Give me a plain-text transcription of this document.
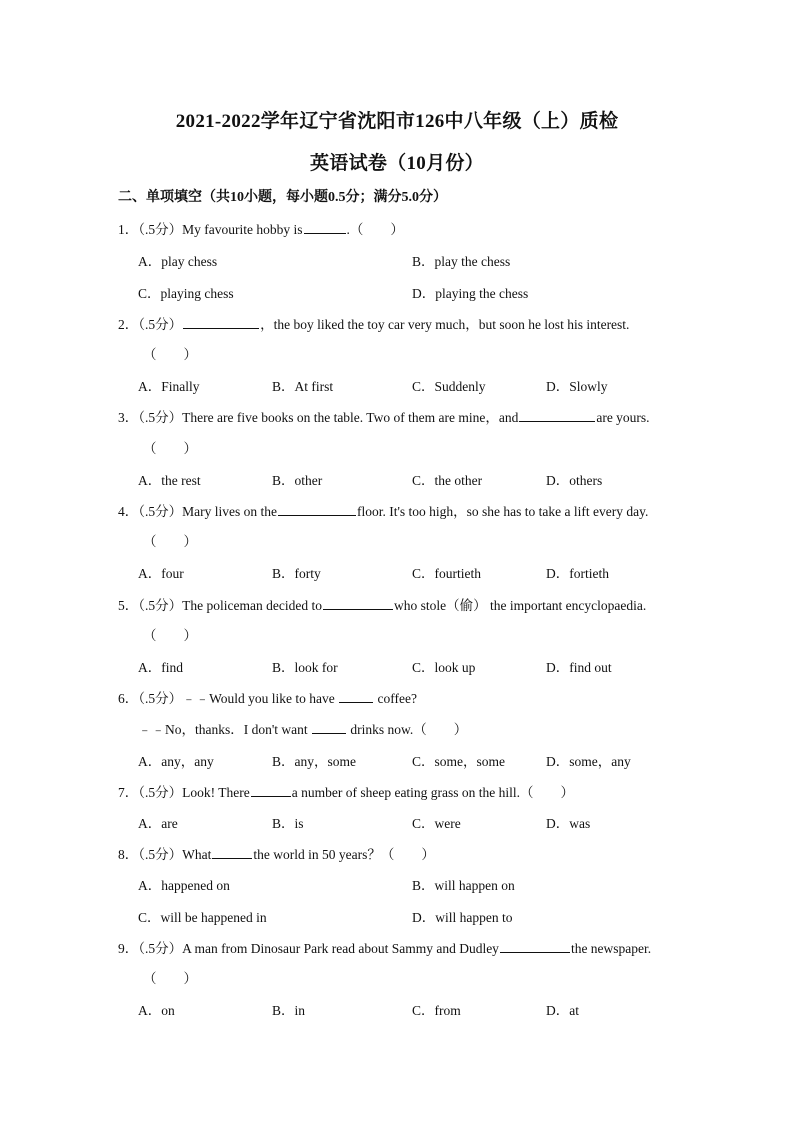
2021-2022学年辽宁省沈阳市126中八年级（上）质检
英语试卷（10月份）
二、单项填空（共10小题，每小题0.5分；满分5.0分）
1．（.5分）My favourite hobby is	.（　　）
A．play chess	B．play the chess
C．playing chess	D．playing the chess
2．（.5分）	，the boy liked the toy car very much，but soon he lost his interest.
（　　）
A．Finally	B．At first	C．Suddenly	D．Slowly
3．（.5分）There are five books on the table. Two of them are mine，and	are yours.
（　　）
A．the rest	B．other	C．the other	D．others
4．（.5分）Mary lives on the	floor. It's too high，so she has to take a lift every day.
（　　）
A．four	B．forty	C．fourtieth	D．fortieth
5．（.5分）The policeman decided to	who stole（偷） the important encyclopaedia.
（　　）
A．find	B．look for	C．look up	D．find out
6．（.5分）﹣﹣Would you like to have	coffee?
﹣﹣No，thanks．I don't want	drinks now.（　　）
A．any，any	B．any，some	C．some，some	D．some，any
7．（.5分）Look! There	a number of sheep eating grass on the hill.（　　）
A．are	B．is	C．were	D．was
8．（.5分）What	the world in 50 years？（　　）
A．happened on	B．will happen on
C．will be happened in	D．will happen to
9．（.5分）A man from Dinosaur Park read about Sammy and Dudley	the newspaper.
（　　）
A．on	B．in	C．from	D．at
